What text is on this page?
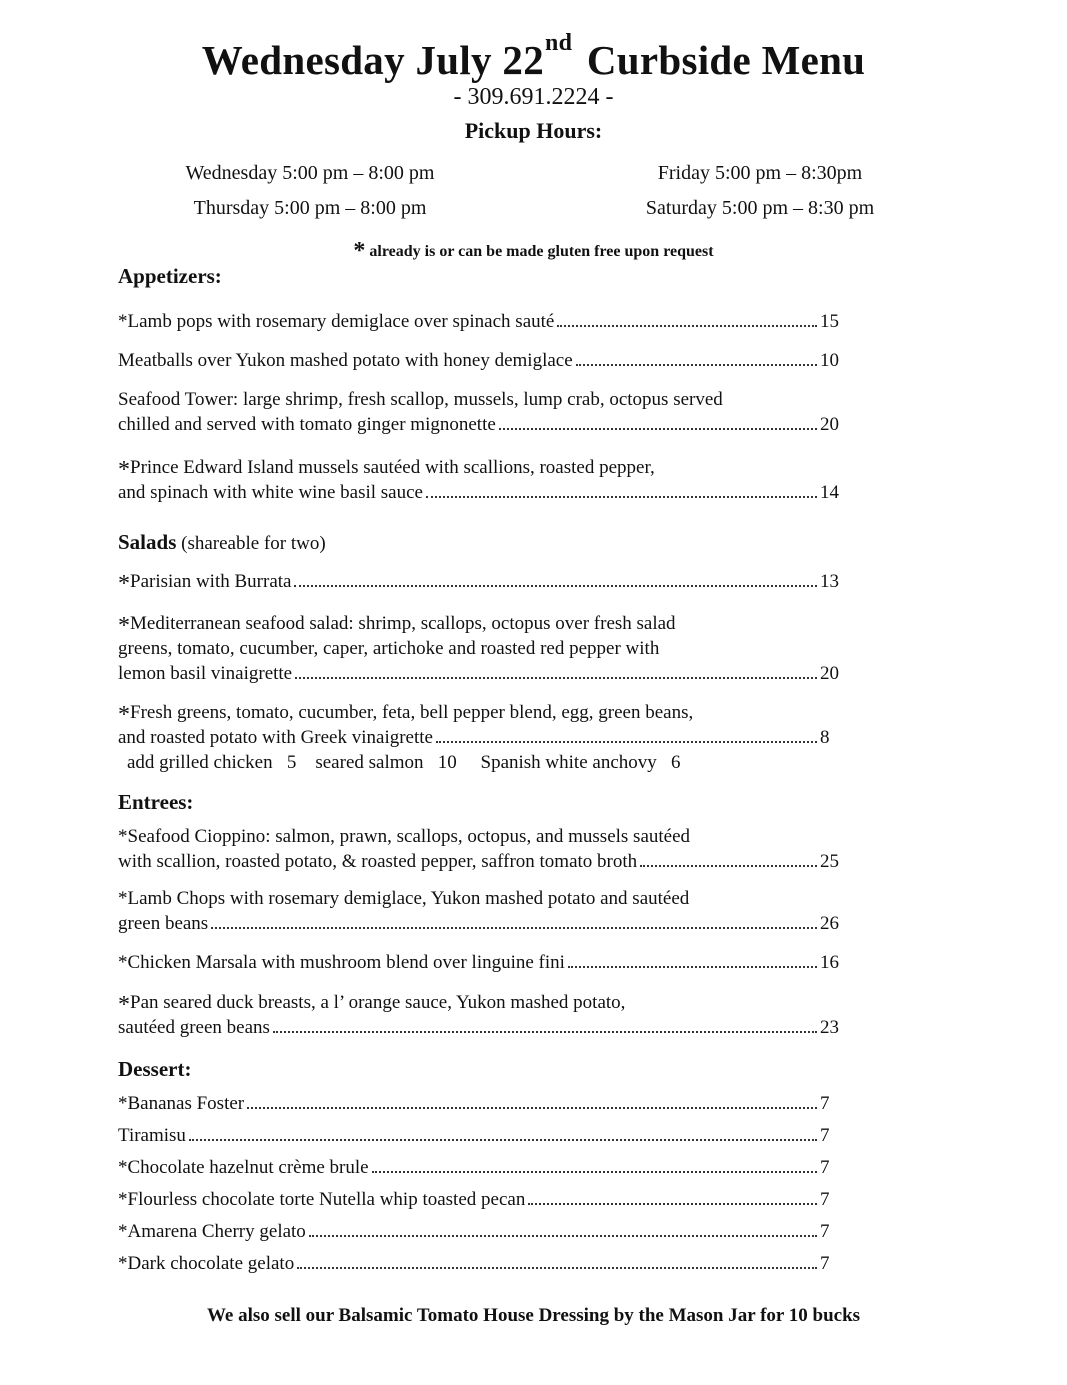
Wednesday July 22nd Curbside Menu
- 309.691.2224 -
Pickup Hours:
Wednesday 5:00 pm – 8:00 pm
Thursday 5:00 pm – 8:00 pm
Friday 5:00 pm – 8:30pm
Saturday 5:00 pm – 8:30 pm
* already is or can be made gluten free upon request
Appetizers:
*Lamb pops with rosemary demiglace over spinach sauté	15
Meatballs over Yukon mashed potato with honey demiglace	10
Seafood Tower: large shrimp, fresh scallop, mussels, lump crab, octopus served
chilled and served with tomato ginger mignonette	20
*Prince Edward Island mussels sautéed with scallions, roasted pepper,
and spinach with white wine basil sauce	14
Salads (shareable for two)
*Parisian with Burrata	13
*Mediterranean seafood salad: shrimp, scallops, octopus over fresh salad
greens, tomato, cucumber, caper, artichoke and roasted red pepper with
lemon basil vinaigrette	20
*Fresh greens, tomato, cucumber, feta, bell pepper blend, egg, green beans,
and roasted potato with Greek vinaigrette	8
Entrees:
*Seafood Cioppino: salmon, prawn, scallops, octopus, and mussels sautéed
with scallion, roasted potato, & roasted pepper, saffron tomato broth	25
*Lamb Chops with rosemary demiglace, Yukon mashed potato and sautéed
green beans	26
*Chicken Marsala with mushroom blend over linguine fini	16
*Pan seared duck breasts, a l’ orange sauce, Yukon mashed potato,
sautéed green beans	23
Dessert:
*Bananas Foster	7
Tiramisu	7
*Chocolate hazelnut crème brule	7
*Flourless chocolate torte Nutella whip toasted pecan	7
*Amarena Cherry gelato	7
*Dark chocolate gelato	7
add grilled chicken   5    seared salmon   10     Spanish white anchovy   6
We also sell our Balsamic Tomato House Dressing by the Mason Jar for 10 bucks
